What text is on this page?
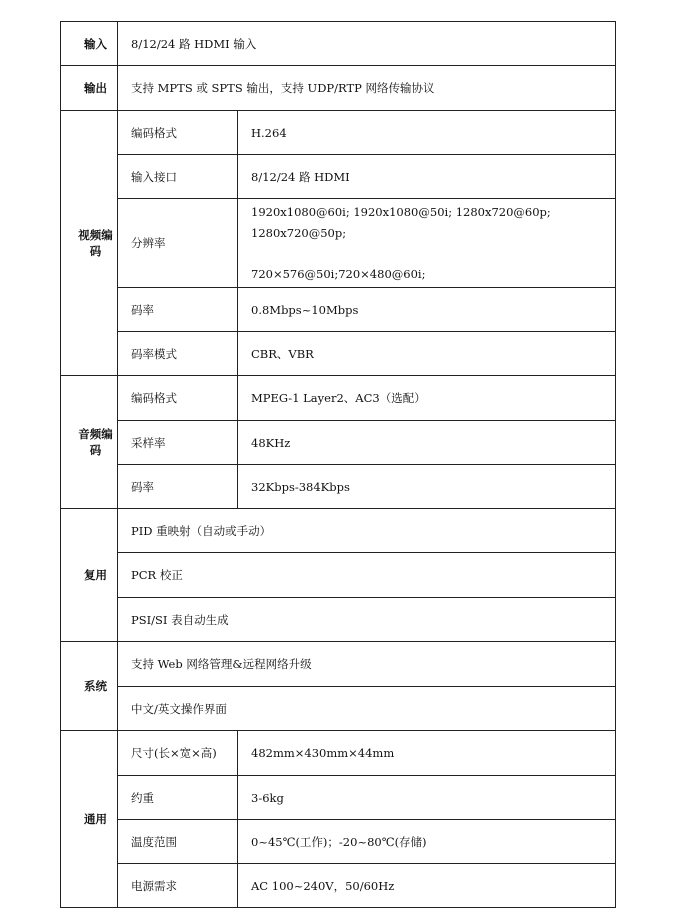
输入	8/12/24 路 HDMI 输入	
输出	支持 MPTS 或 SPTS 输出，支持 UDP/RTP 网络传输协议	
视频编码	编码格式	H.264
	输入接口	8/12/24 路 HDMI
	分辨率	1920x1080@60i; 1920x1080@50i; 1280x720@60p; 1280x720@50p;
720×576@50i;720×480@60i;

	码率	0.8Mbps~10Mbps
	码率模式	CBR、VBR
音频编码	编码格式	MPEG-1 Layer2、AC3（选配）
	采样率	48KHz
	码率	32Kbps-384Kbps
复用	PID 重映射（自动或手动）	
	PCR 校正	
	PSI/SI 表自动生成	
系统	支持 Web 网络管理&远程网络升级	
	中文/英文操作界面	
通用	尺寸(长×宽×高)	482mm×430mm×44mm
	约重	3-6kg
	温度范围	0~45℃(工作)；-20~80℃(存储)
	电源需求	AC 100~240V，50/60Hz
